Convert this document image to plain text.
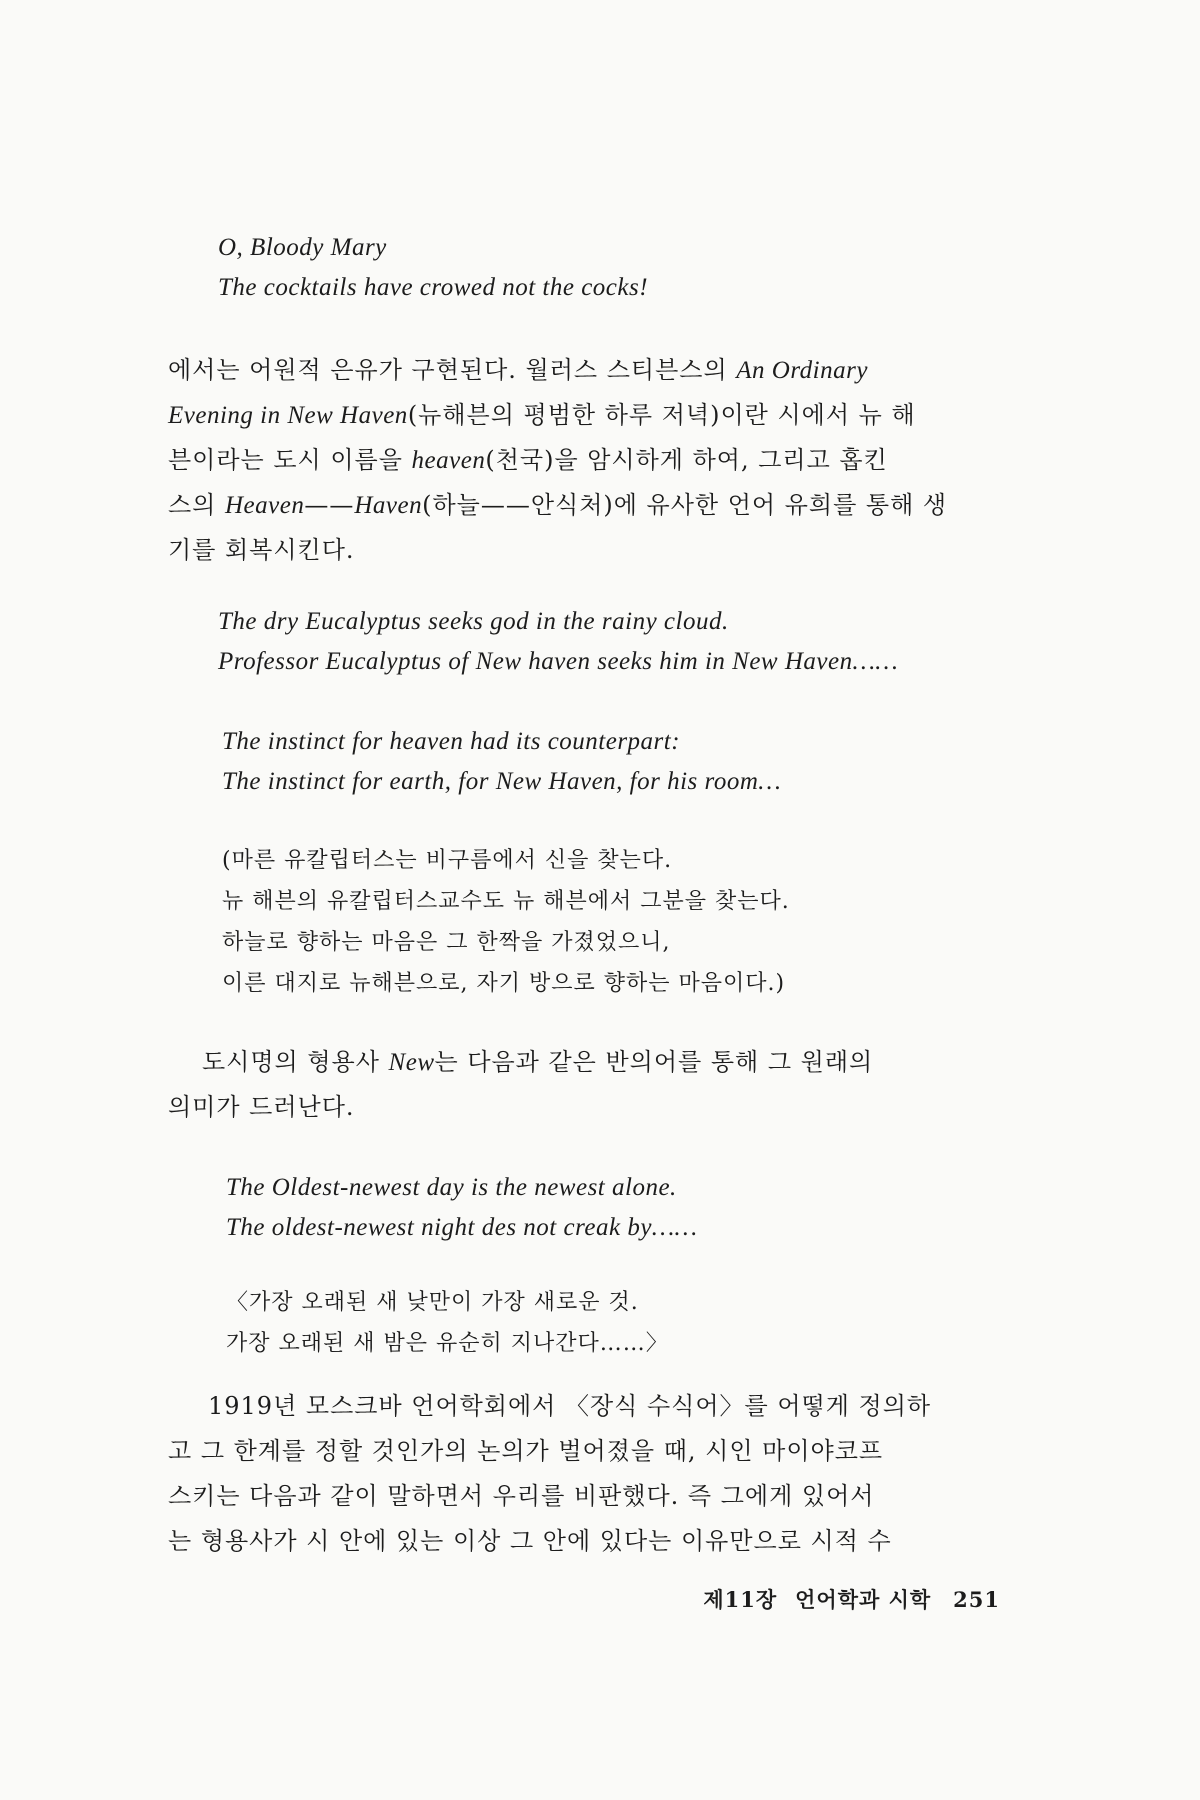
O, Bloody Mary
The cocktails have crowed not the cocks!
에서는 어원적 은유가 구현된다. 월러스 스티븐스의 An Ordinary
Evening in New Haven(뉴해븐의 평범한 하루 저녁)이란 시에서 뉴 해
븐이라는 도시 이름을 heaven(천국)을 암시하게 하여, 그리고 홉킨
스의 Heaven——Haven(하늘——안식처)에 유사한 언어 유희를 통해 생
기를 회복시킨다.
The dry Eucalyptus seeks god in the rainy cloud.
Professor Eucalyptus of New haven seeks him in New Haven……
The instinct for heaven had its counterpart:
The instinct for earth, for New Haven, for his room…
(마른 유칼립터스는 비구름에서 신을 찾는다.
뉴 해븐의 유칼립터스교수도 뉴 해븐에서 그분을 찾는다.
하늘로 향하는 마음은 그 한짝을 가졌었으니,
이른 대지로 뉴해븐으로, 자기 방으로 향하는 마음이다.)
도시명의 형용사 New는 다음과 같은 반의어를 통해 그 원래의
의미가 드러난다.
The Oldest-newest day is the newest alone.
The oldest-newest night des not creak by……
〈가장 오래된 새 낮만이 가장 새로운 것.
가장 오래된 새 밤은 유순히 지나간다……〉
1919년 모스크바 언어학회에서 〈장식 수식어〉를 어떻게 정의하
고 그 한계를 정할 것인가의 논의가 벌어졌을 때, 시인 마이야코프
스키는 다음과 같이 말하면서 우리를 비판했다. 즉 그에게 있어서
는 형용사가 시 안에 있는 이상 그 안에 있다는 이유만으로 시적 수
제11장 언어학과 시학 251
